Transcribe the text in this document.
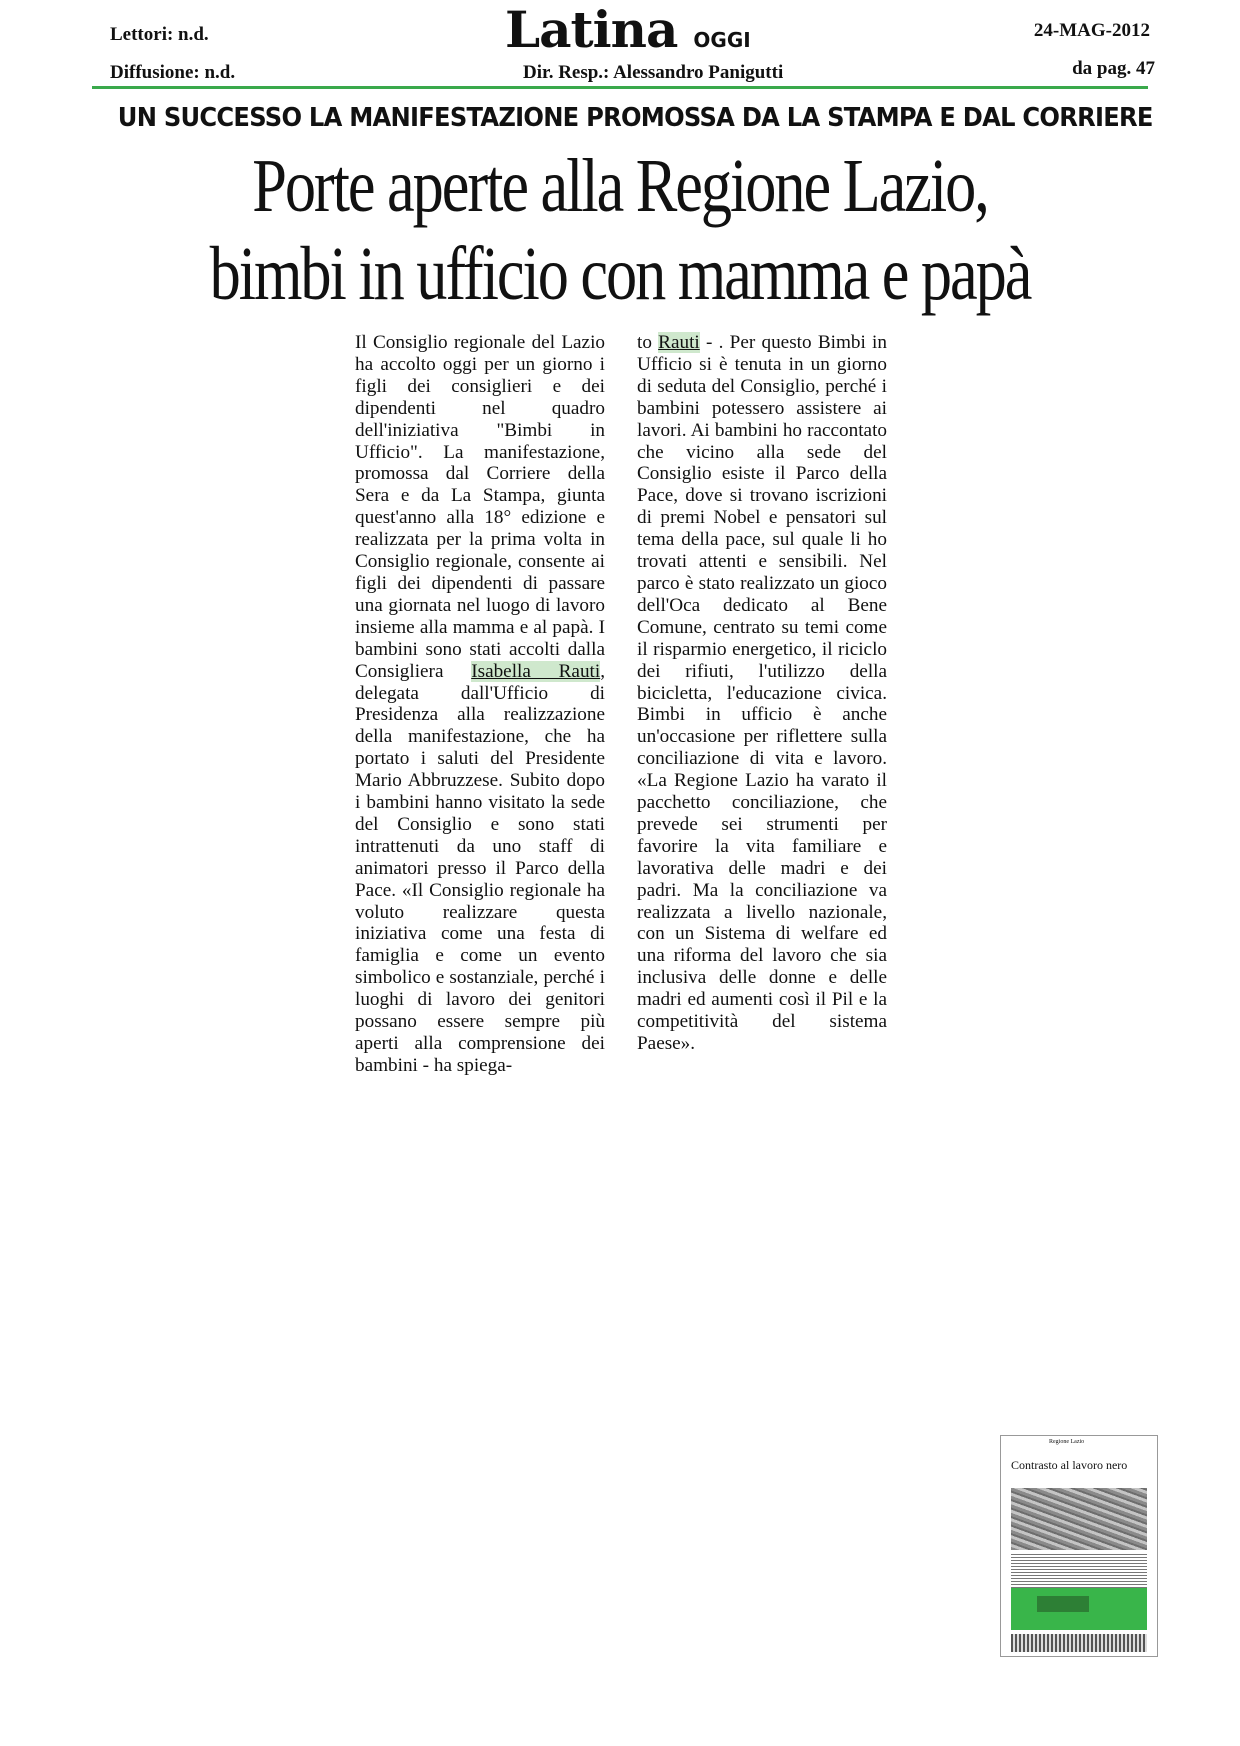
Lettori: n.d.
Diffusione: n.d.
Latina OGGI
Dir. Resp.: Alessandro Panigutti
24-MAG-2012
da pag. 47
UN SUCCESSO LA MANIFESTAZIONE PROMOSSA DA LA STAMPA E DAL CORRIERE
Porte aperte alla Regione Lazio,
bimbi in ufficio con mamma e papà

Il Consiglio regionale del Lazio ha accolto oggi per un giorno i figli dei consiglieri e dei dipendenti nel quadro dell'iniziativa "Bimbi in Ufficio". La manifestazione, promossa dal Corriere della Sera e da La Stampa, giunta quest'anno alla 18° edizione e realizzata per la prima volta in Consiglio regionale, consente ai figli dei dipendenti di passare una giornata nel luogo di lavoro insieme alla mamma e al papà. I bambini sono stati accolti dalla Consigliera Isabella Rauti, delegata dall'Ufficio di Presidenza alla realizzazione della manifestazione, che ha portato i saluti del Presidente Mario Abbruzzese. Subito dopo i bambini hanno visitato la sede del Consiglio e sono stati intrattenuti da uno staff di animatori presso il Parco della Pace. «Il Consiglio regionale ha voluto realizzare questa iniziativa come una festa di famiglia e come un evento simbolico e sostanziale, perché i luoghi di lavoro dei genitori possano essere sempre più aperti alla comprensione dei bambini - ha spiega-

to Rauti - . Per questo Bimbi in Ufficio si è tenuta in un giorno di seduta del Consiglio, perché i bambini potessero assistere ai lavori. Ai bambini ho raccontato che vicino alla sede del Consiglio esiste il Parco della Pace, dove si trovano iscrizioni di premi Nobel e pensatori sul tema della pace, sul quale li ho trovati attenti e sensibili. Nel parco è stato realizzato un gioco dell'Oca dedicato al Bene Comune, centrato su temi come il risparmio energetico, il riciclo dei rifiuti, l'utilizzo della bicicletta, l'educazione civica. Bimbi in ufficio è anche un'occasione per riflettere sulla conciliazione di vita e lavoro. «La Regione Lazio ha varato il pacchetto conciliazione, che prevede sei strumenti per favorire la vita familiare e lavorativa delle madri e dei padri. Ma la conciliazione va realizzata a livello nazionale, con un Sistema di welfare ed una riforma del lavoro che sia inclusiva delle donne e delle madri ed aumenti così il Pil e la competitività del sistema Paese».

Regione Lazio
Contrasto al lavoro nero
